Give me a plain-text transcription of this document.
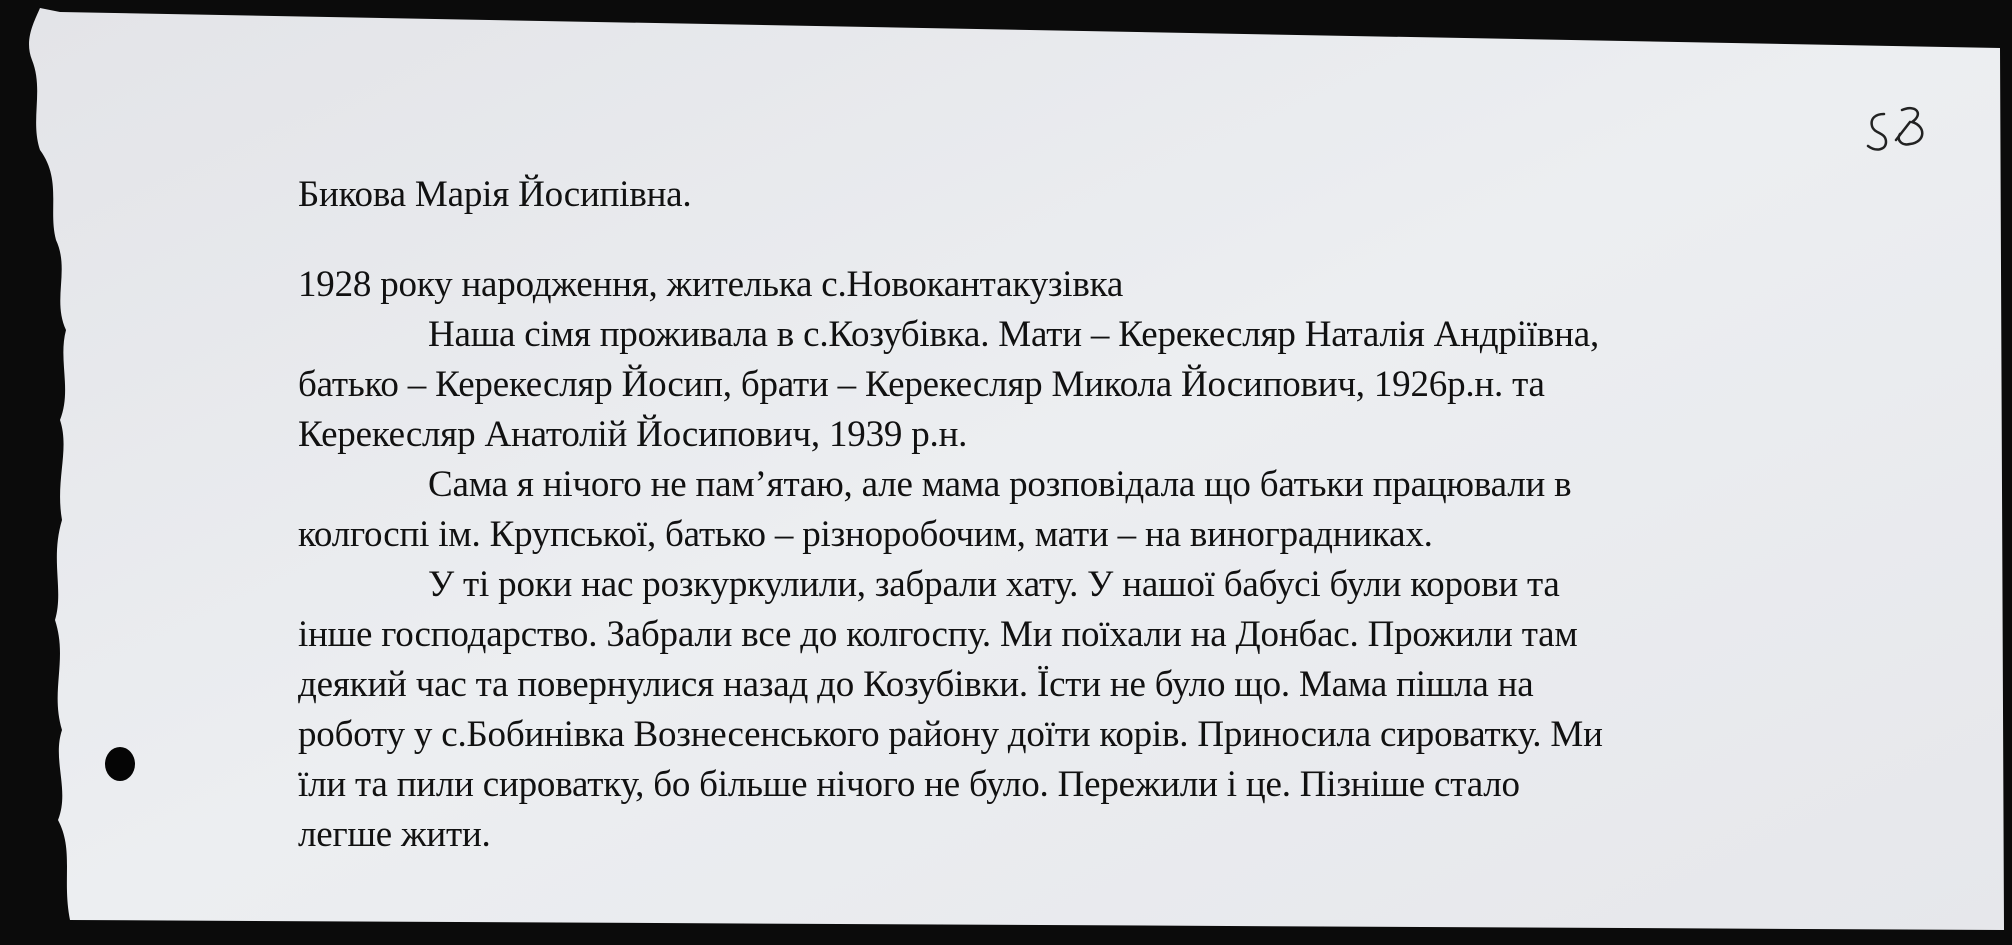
Бикова Марія Йосипівна.
1928 року народження, жителька с.Новокантакузівка
Наша сімя проживала в с.Козубівка. Мати – Керекесляр Наталія Андріївна,
батько – Керекесляр Йосип, брати – Керекесляр Микола Йосипович, 1926р.н. та
Керекесляр Анатолій Йосипович, 1939 р.н.
Сама я нічого не пам’ятаю, але мама розповідала що батьки працювали в
колгоспі ім. Крупської, батько – різноробочим, мати – на виноградниках.
У ті роки нас розкуркулили, забрали хату. У нашої бабусі були корови та
інше господарство. Забрали все до колгоспу. Ми поїхали на Донбас. Прожили там
деякий час та повернулися назад до Козубівки. Їсти не було що. Мама пішла на
роботу у с.Бобинівка Вознесенського району доїти корів. Приносила сироватку. Ми
їли та пили сироватку, бо більше нічого не було. Пережили і це. Пізніше стало
легше жити.
